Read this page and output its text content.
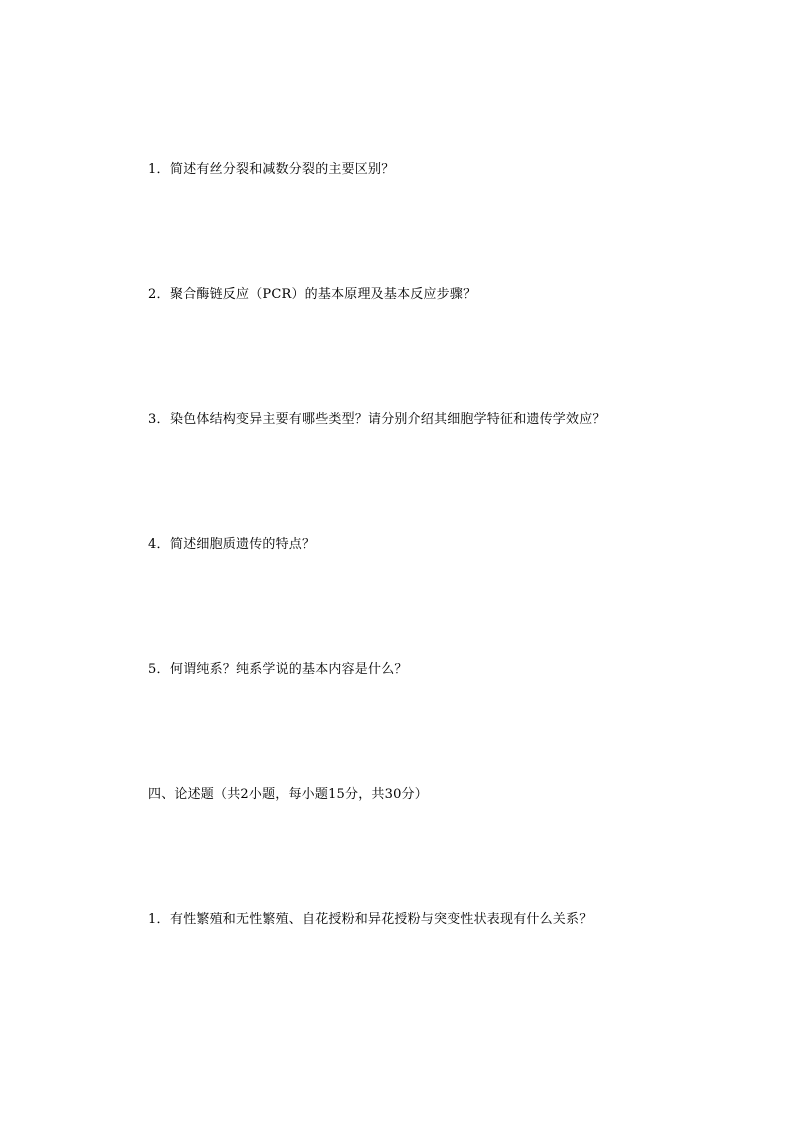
1．简述有丝分裂和减数分裂的主要区别？
2．聚合酶链反应（PCR）的基本原理及基本反应步骤？
3．染色体结构变异主要有哪些类型？请分别介绍其细胞学特征和遗传学效应？
4．简述细胞质遗传的特点？
5．何谓纯系？纯系学说的基本内容是什么？
四、论述题（共2小题，每小题15分，共30分）
1．有性繁殖和无性繁殖、自花授粉和异花授粉与突变性状表现有什么关系？
